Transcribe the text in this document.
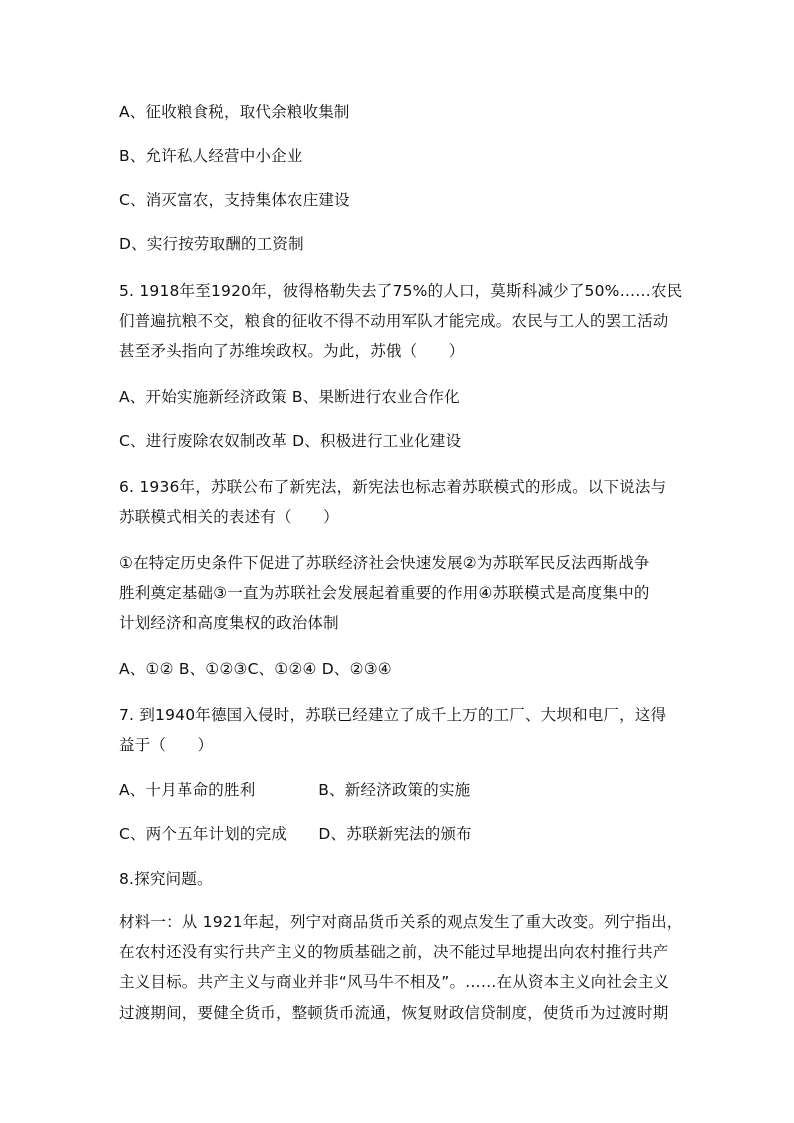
A、征收粮食税，取代余粮收集制
B、允许私人经营中小企业
C、消灭富农，支持集体农庄建设
D、实行按劳取酬的工资制
5. 1918年至1920年，彼得格勒失去了75%的人口，莫斯科减少了50%……农民
们普遍抗粮不交，粮食的征收不得不动用军队才能完成。农民与工人的罢工活动
甚至矛头指向了苏维埃政权。为此，苏俄（　　）
A、开始实施新经济政策 B、果断进行农业合作化
C、进行废除农奴制改革 D、积极进行工业化建设
6. 1936年，苏联公布了新宪法，新宪法也标志着苏联模式的形成。以下说法与
苏联模式相关的表述有（　　）
①在特定历史条件下促进了苏联经济社会快速发展②为苏联军民反法西斯战争
胜利奠定基础③一直为苏联社会发展起着重要的作用④苏联模式是高度集中的
计划经济和高度集权的政治体制
A、①② B、①②③C、①②④ D、②③④
7. 到1940年德国入侵时，苏联已经建立了成千上万的工厂、大坝和电厂，这得
益于（　　）
A、十月革命的胜利　　　　B、新经济政策的实施
C、两个五年计划的完成　　D、苏联新宪法的颁布
8.探究问题。
材料一：从 1921年起，列宁对商品货币关系的观点发生了重大改变。列宁指出，
在农村还没有实行共产主义的物质基础之前，决不能过早地提出向农村推行共产
主义目标。共产主义与商业并非“风马牛不相及”。……在从资本主义向社会主义
过渡期间，要健全货币，整顿货币流通，恢复财政信贷制度，使货币为过渡时期
